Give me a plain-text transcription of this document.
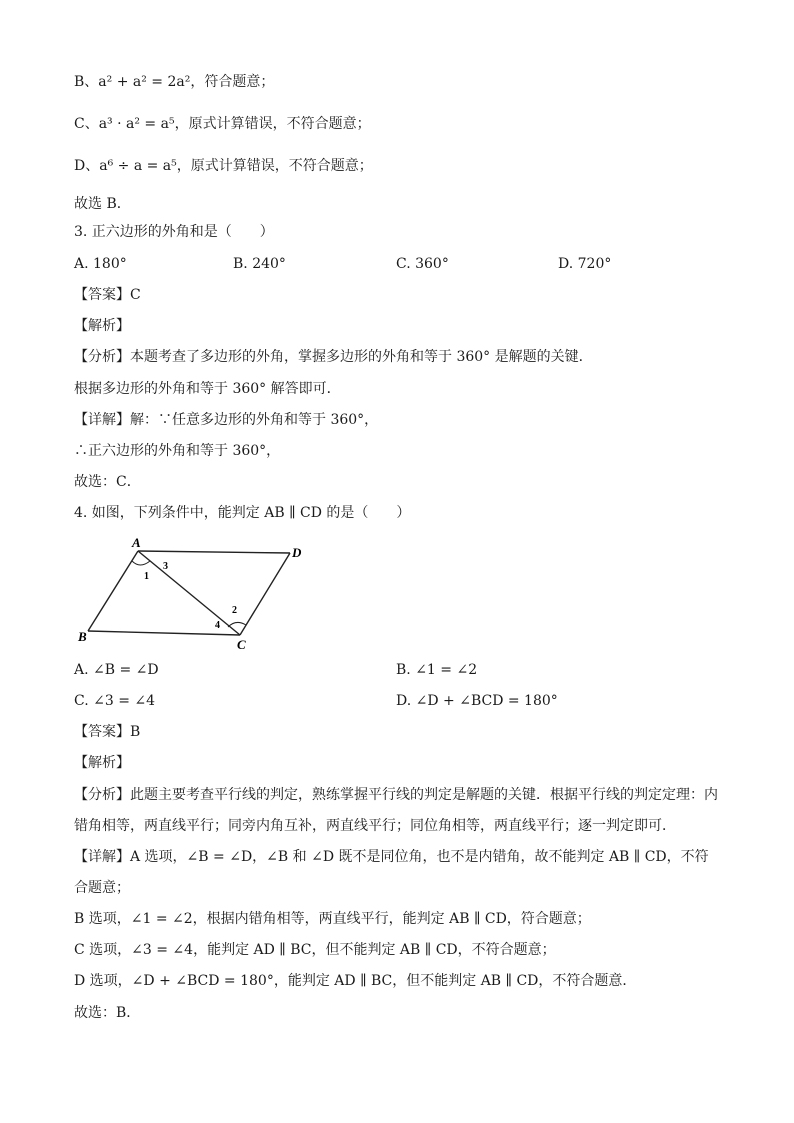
B、a² + a² = 2a²，符合题意；
C、a³ · a² = a⁵，原式计算错误，不符合题意；
D、a⁶ ÷ a = a⁵，原式计算错误，不符合题意；
故选 B．
3. 正六边形的外角和是（　　）
A. 180°	B. 240°	C. 360°	D. 720°
【答案】C
【解析】
【分析】本题考查了多边形的外角，掌握多边形的外角和等于 360° 是解题的关键．
根据多边形的外角和等于 360° 解答即可．
【详解】解：∵任意多边形的外角和等于 360°，
∴正六边形的外角和等于 360°，
故选：C．
4. 如图，下列条件中，能判定 AB ∥ CD 的是（　　）
A
B
C
D
1
3
2
4
A. ∠B = ∠D	B. ∠1 = ∠2
C. ∠3 = ∠4	D. ∠D + ∠BCD = 180°
【答案】B
【解析】
【分析】此题主要考查平行线的判定，熟练掌握平行线的判定是解题的关键．根据平行线的判定定理：内
错角相等，两直线平行；同旁内角互补，两直线平行；同位角相等，两直线平行；逐一判定即可．
【详解】A 选项，∠B = ∠D，∠B 和 ∠D 既不是同位角，也不是内错角，故不能判定 AB ∥ CD，不符
合题意；
B 选项，∠1 = ∠2，根据内错角相等，两直线平行，能判定 AB ∥ CD，符合题意；
C 选项，∠3 = ∠4，能判定 AD ∥ BC，但不能判定 AB ∥ CD，不符合题意；
D 选项，∠D + ∠BCD = 180°，能判定 AD ∥ BC，但不能判定 AB ∥ CD，不符合题意．
故选：B．
